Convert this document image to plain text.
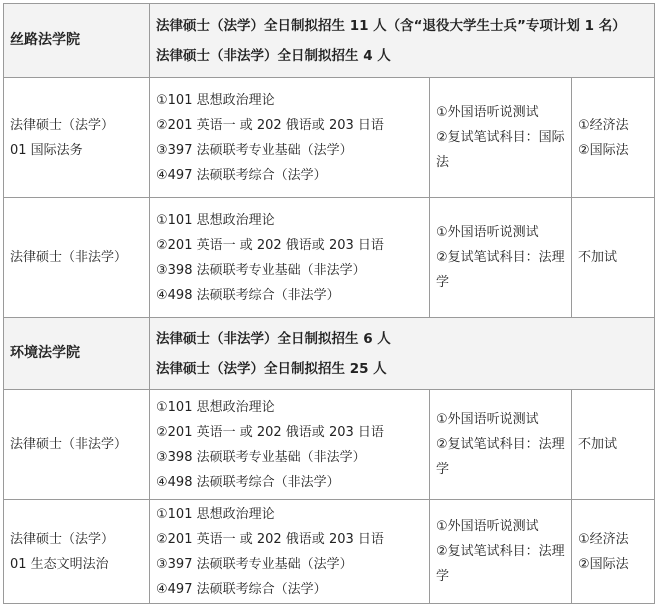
丝路法学院	法律硕士（法学）全日制拟招生 11 人（含“退役大学生士兵”专项计划 1 名）
法律硕士（非法学）全日制拟招生 4 人		

法律硕士（法学）
01 国际法务	①101 思想政治理论
②201 英语一 或 202 俄语或 203 日语
③397 法硕联考专业基础（法学）
④497 法硕联考综合（法学）	①外国语听说测试
②复试笔试科目：国际法	①经济法
②国际法

法律硕士（非法学）	①101 思想政治理论
②201 英语一 或 202 俄语或 203 日语
③398 法硕联考专业基础（非法学）
④498 法硕联考综合（非法学）	①外国语听说测试
②复试笔试科目：法理学	不加试

环境法学院	法律硕士（非法学）全日制拟招生 6 人
法律硕士（法学）全日制拟招生 25 人		

法律硕士（非法学）	①101 思想政治理论
②201 英语一 或 202 俄语或 203 日语
③398 法硕联考专业基础（非法学）
④498 法硕联考综合（非法学）	①外国语听说测试
②复试笔试科目：法理学	不加试

法律硕士（法学）
01 生态文明法治	①101 思想政治理论
②201 英语一 或 202 俄语或 203 日语
③397 法硕联考专业基础（法学）
④497 法硕联考综合（法学）	①外国语听说测试
②复试笔试科目：法理学	①经济法
②国际法
